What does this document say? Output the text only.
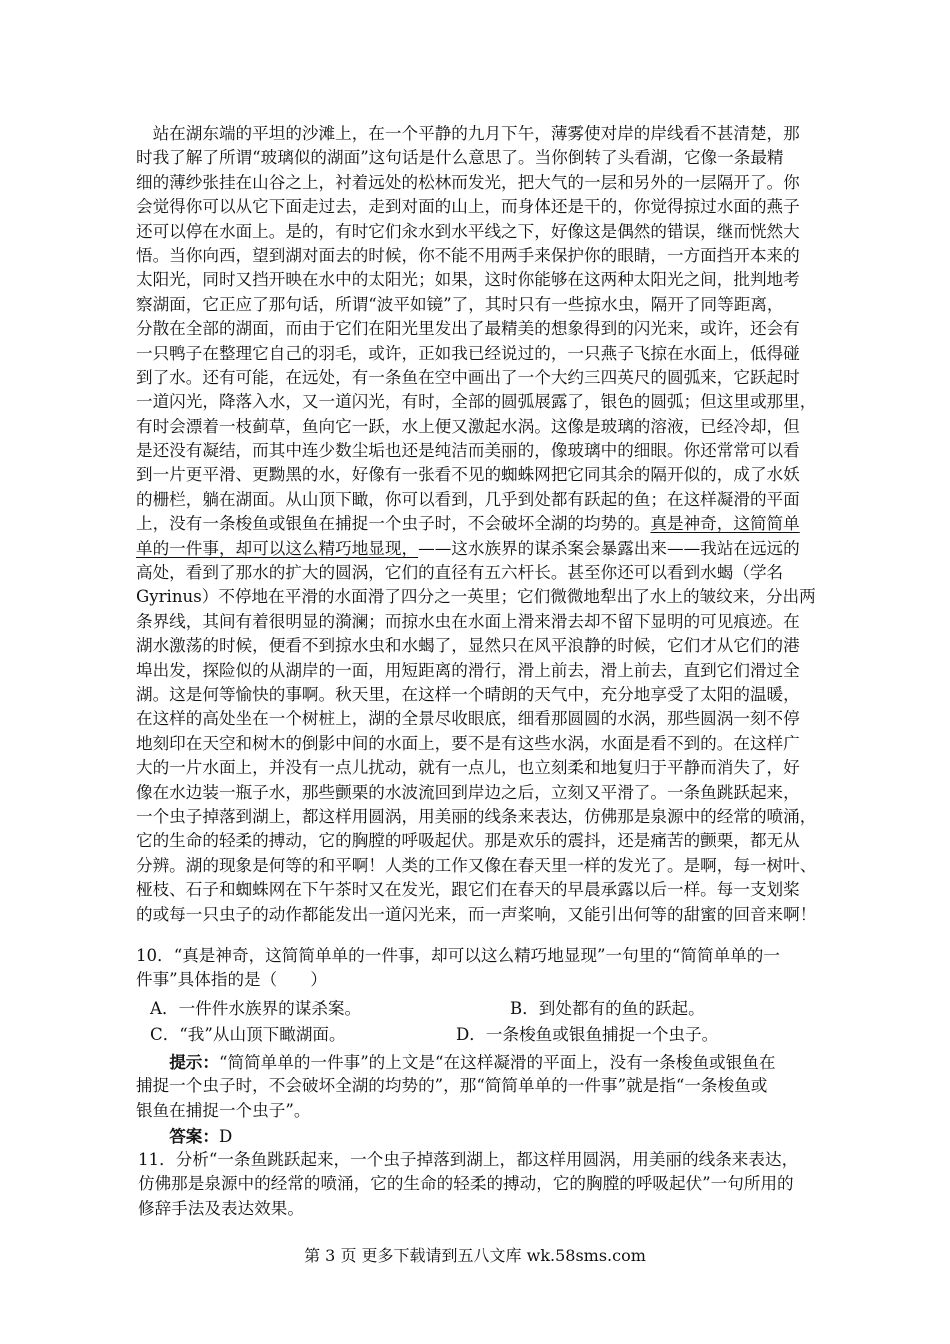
　站在湖东端的平坦的沙滩上，在一个平静的九月下午，薄雾使对岸的岸线看不甚清楚，那
时我了解了所谓“玻璃似的湖面”这句话是什么意思了。当你倒转了头看湖，它像一条最精
细的薄纱张挂在山谷之上，衬着远处的松林而发光，把大气的一层和另外的一层隔开了。你
会觉得你可以从它下面走过去，走到对面的山上，而身体还是干的，你觉得掠过水面的燕子
还可以停在水面上。是的，有时它们汆水到水平线之下，好像这是偶然的错误，继而恍然大
悟。当你向西，望到湖对面去的时候，你不能不用两手来保护你的眼睛，一方面挡开本来的
太阳光，同时又挡开映在水中的太阳光；如果，这时你能够在这两种太阳光之间，批判地考
察湖面，它正应了那句话，所谓“波平如镜”了，其时只有一些掠水虫，隔开了同等距离，
分散在全部的湖面，而由于它们在阳光里发出了最精美的想象得到的闪光来，或许，还会有
一只鸭子在整理它自己的羽毛，或许，正如我已经说过的，一只燕子飞掠在水面上，低得碰
到了水。还有可能，在远处，有一条鱼在空中画出了一个大约三四英尺的圆弧来，它跃起时
一道闪光，降落入水，又一道闪光，有时，全部的圆弧展露了，银色的圆弧；但这里或那里，
有时会漂着一枝蓟草，鱼向它一跃，水上便又激起水涡。这像是玻璃的溶液，已经冷却，但
是还没有凝结，而其中连少数尘垢也还是纯洁而美丽的，像玻璃中的细眼。你还常常可以看
到一片更平滑、更黝黑的水，好像有一张看不见的蜘蛛网把它同其余的隔开似的，成了水妖
的栅栏，躺在湖面。从山顶下瞰，你可以看到，几乎到处都有跃起的鱼；在这样凝滑的平面
上，没有一条梭鱼或银鱼在捕捉一个虫子时，不会破坏全湖的均势的。真是神奇，这简简单
单的一件事，却可以这么精巧地显现，——这水族界的谋杀案会暴露出来——我站在远远的
高处，看到了那水的扩大的圆涡，它们的直径有五六杆长。甚至你还可以看到水蝎（学名
Gyrinus）不停地在平滑的水面滑了四分之一英里；它们微微地犁出了水上的皱纹来，分出两
条界线，其间有着很明显的漪澜；而掠水虫在水面上滑来滑去却不留下显明的可见痕迹。在
湖水激荡的时候，便看不到掠水虫和水蝎了，显然只在风平浪静的时候，它们才从它们的港
埠出发，探险似的从湖岸的一面，用短距离的滑行，滑上前去，滑上前去，直到它们滑过全
湖。这是何等愉快的事啊。秋天里，在这样一个晴朗的天气中，充分地享受了太阳的温暖，
在这样的高处坐在一个树桩上，湖的全景尽收眼底，细看那圆圆的水涡，那些圆涡一刻不停
地刻印在天空和树木的倒影中间的水面上，要不是有这些水涡，水面是看不到的。在这样广
大的一片水面上，并没有一点儿扰动，就有一点儿，也立刻柔和地复归于平静而消失了，好
像在水边装一瓶子水，那些颤栗的水波流回到岸边之后，立刻又平滑了。一条鱼跳跃起来，
一个虫子掉落到湖上，都这样用圆涡，用美丽的线条来表达，仿佛那是泉源中的经常的喷涌，
它的生命的轻柔的搏动，它的胸膛的呼吸起伏。那是欢乐的震抖，还是痛苦的颤栗，都无从
分辨。湖的现象是何等的和平啊！人类的工作又像在春天里一样的发光了。是啊，每一树叶、
桠枝、石子和蜘蛛网在下午茶时又在发光，跟它们在春天的早晨承露以后一样。每一支划桨
的或每一只虫子的动作都能发出一道闪光来，而一声桨响，又能引出何等的甜蜜的回音来啊！
10．“真是神奇，这简简单单的一件事，却可以这么精巧地显现”一句里的“简简单单的一
件事”具体指的是（　　）
A．一件件水族界的谋杀案。	B．到处都有的鱼的跃起。
C．“我”从山顶下瞰湖面。	D．一条梭鱼或银鱼捕捉一个虫子。
　　提示：“简简单单的一件事”的上文是“在这样凝滑的平面上，没有一条梭鱼或银鱼在
捕捉一个虫子时，不会破坏全湖的均势的”，那“简简单单的一件事”就是指“一条梭鱼或
银鱼在捕捉一个虫子”。
　　答案：D
11．分析“一条鱼跳跃起来，一个虫子掉落到湖上，都这样用圆涡，用美丽的线条来表达，
仿佛那是泉源中的经常的喷涌，它的生命的轻柔的搏动，它的胸膛的呼吸起伏”一句所用的
修辞手法及表达效果。
第 3 页 更多下载请到五八文库 wk.58sms.com
